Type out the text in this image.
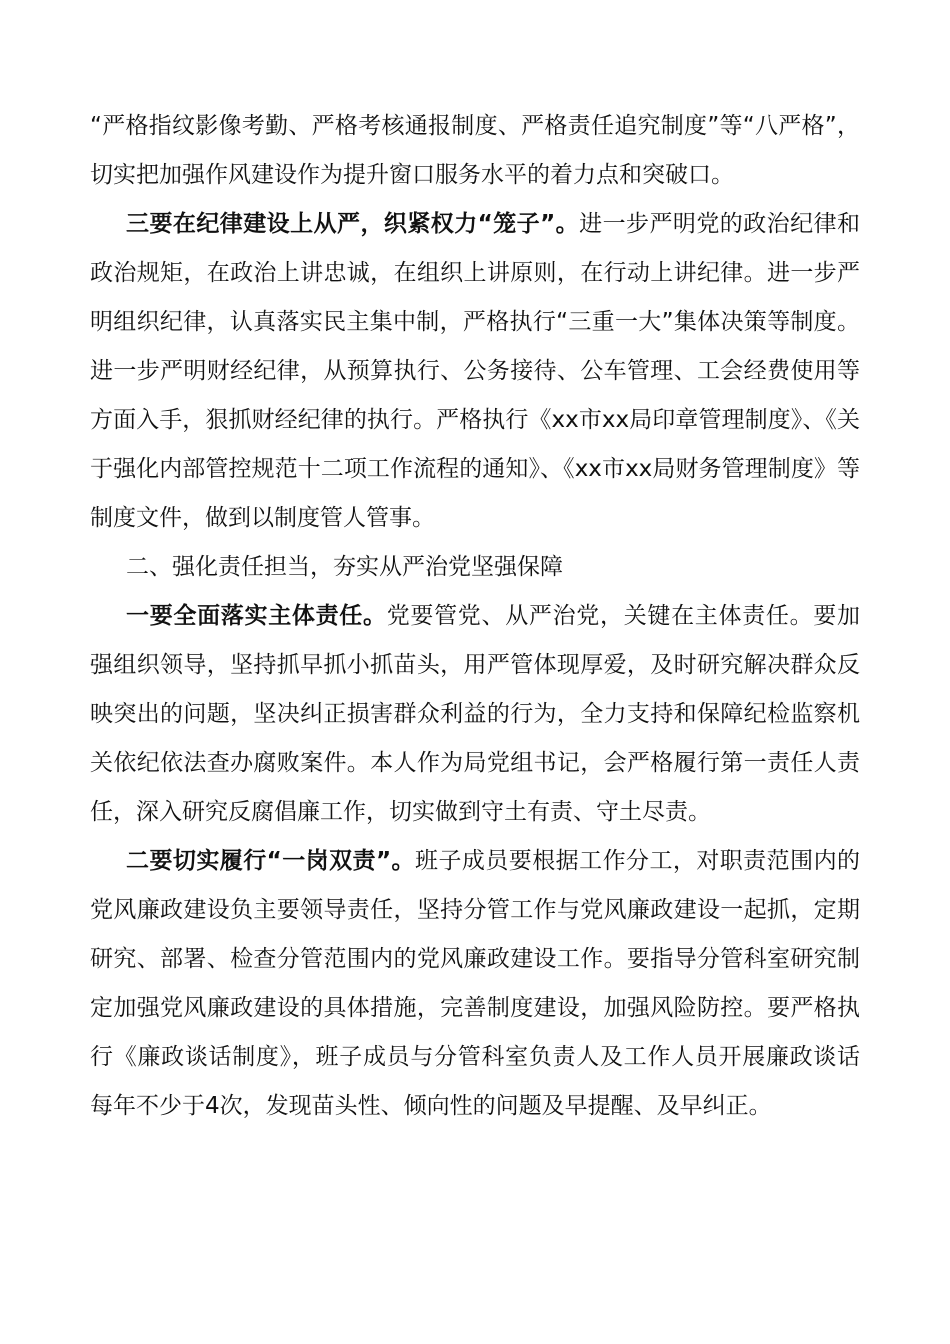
“严格指纹影像考勤、严格考核通报制度、严格责任追究制度”等“八严格”，切实把加强作风建设作为提升窗口服务水平的着力点和突破口。

三要在纪律建设上从严，织紧权力“笼子”。进一步严明党的政治纪律和政治规矩，在政治上讲忠诚，在组织上讲原则，在行动上讲纪律。进一步严明组织纪律，认真落实民主集中制，严格执行“三重一大”集体决策等制度。进一步严明财经纪律，从预算执行、公务接待、公车管理、工会经费使用等方面入手，狠抓财经纪律的执行。严格执行《xx市xx局印章管理制度》、《关于强化内部管控规范十二项工作流程的通知》、《xx市xx局财务管理制度》等制度文件，做到以制度管人管事。

二、强化责任担当，夯实从严治党坚强保障

一要全面落实主体责任。党要管党、从严治党，关键在主体责任。要加强组织领导，坚持抓早抓小抓苗头，用严管体现厚爱，及时研究解决群众反映突出的问题，坚决纠正损害群众利益的行为，全力支持和保障纪检监察机关依纪依法查办腐败案件。本人作为局党组书记，会严格履行第一责任人责任，深入研究反腐倡廉工作，切实做到守土有责、守土尽责。

二要切实履行“一岗双责”。班子成员要根据工作分工，对职责范围内的党风廉政建设负主要领导责任，坚持分管工作与党风廉政建设一起抓，定期研究、部署、检查分管范围内的党风廉政建设工作。要指导分管科室研究制定加强党风廉政建设的具体措施，完善制度建设，加强风险防控。要严格执行《廉政谈话制度》，班子成员与分管科室负责人及工作人员开展廉政谈话每年不少于4次，发现苗头性、倾向性的问题及早提醒、及早纠正。
